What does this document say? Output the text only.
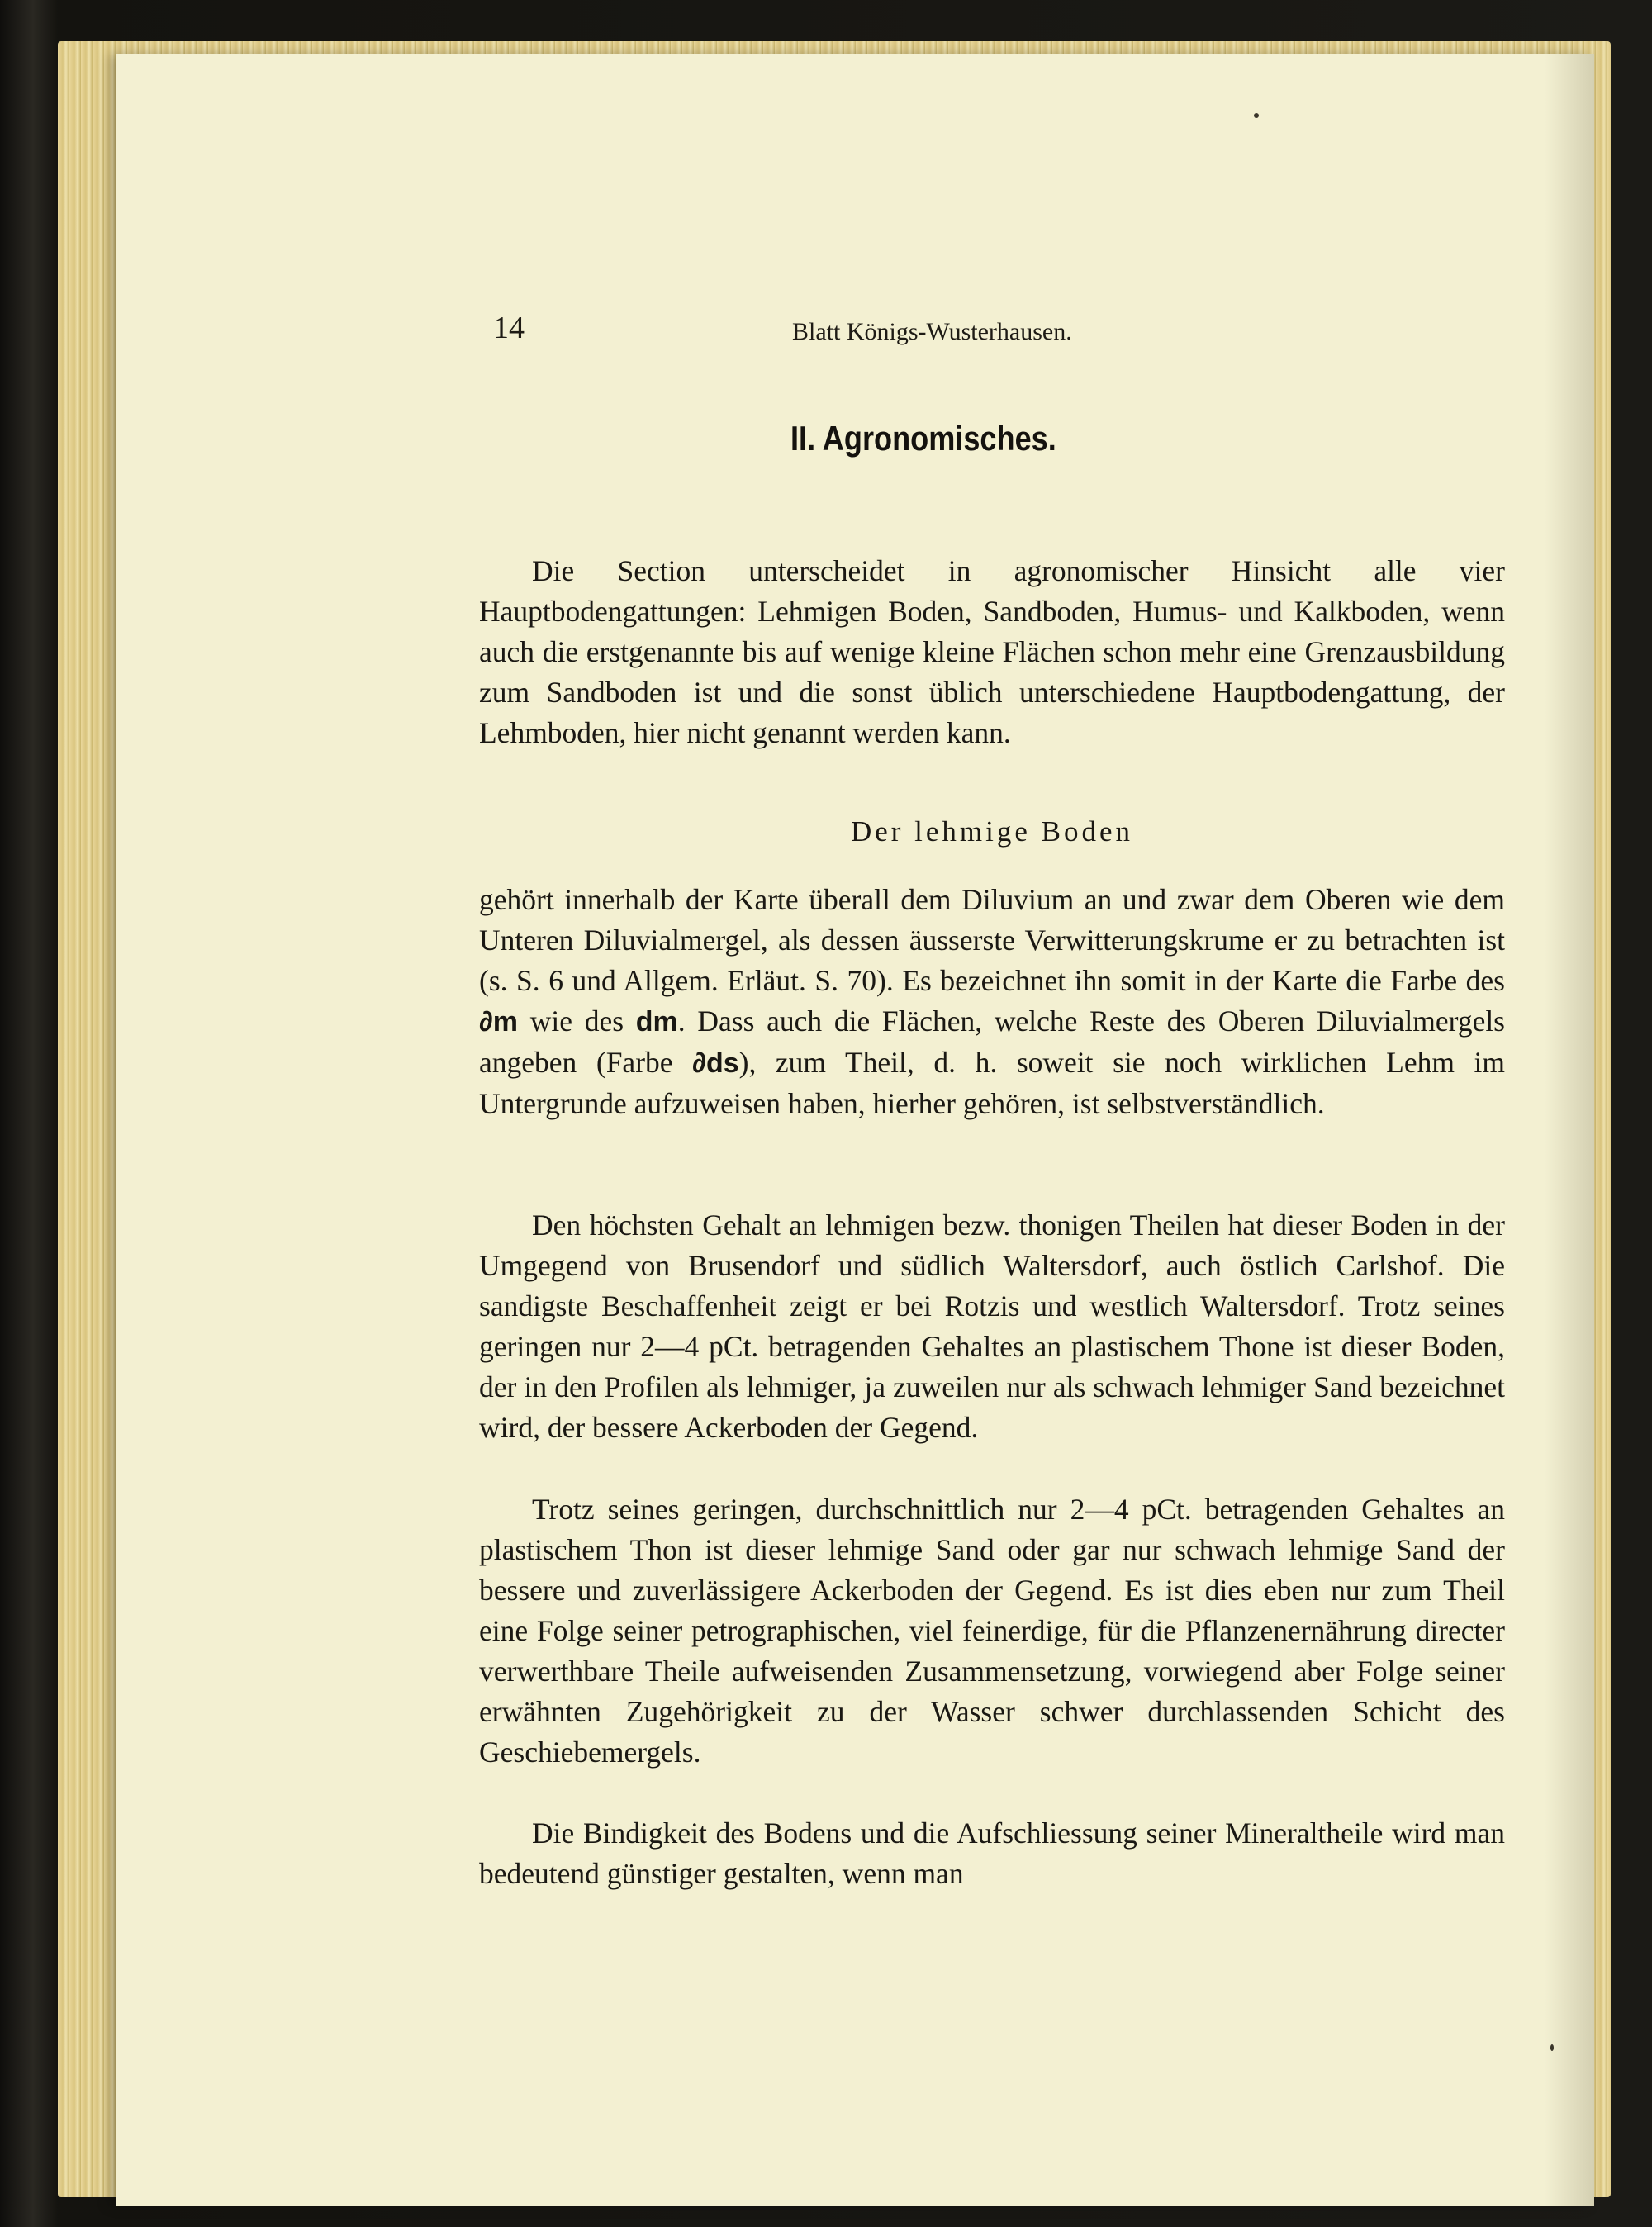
14	Blatt Königs-Wusterhausen.
II. Agronomisches.

Die Section unterscheidet in agronomischer Hinsicht alle vier Hauptbodengattungen: Lehmigen Boden, Sandboden, Humus- und Kalkboden, wenn auch die erstgenannte bis auf wenige kleine Flächen schon mehr eine Grenzausbildung zum Sandboden ist und die sonst üblich unterschiedene Hauptbodengattung, der Lehmboden, hier nicht genannt werden kann.

Der lehmige Boden

gehört innerhalb der Karte überall dem Diluvium an und zwar dem Oberen wie dem Unteren Diluvialmergel, als dessen äusserste Verwitterungskrume er zu betrachten ist (s. S. 6 und Allgem. Erläut. S. 70). Es bezeichnet ihn somit in der Karte die Farbe des ∂m wie des dm. Dass auch die Flächen, welche Reste des Oberen Diluvialmergels angeben (Farbe ∂ds), zum Theil, d. h. soweit sie noch wirklichen Lehm im Untergrunde aufzuweisen haben, hierher gehören, ist selbstverständlich.

Den höchsten Gehalt an lehmigen bezw. thonigen Theilen hat dieser Boden in der Umgegend von Brusendorf und südlich Waltersdorf, auch östlich Carlshof. Die sandigste Beschaffenheit zeigt er bei Rotzis und westlich Waltersdorf. Trotz seines geringen nur 2—4 pCt. betragenden Gehaltes an plastischem Thone ist dieser Boden, der in den Profilen als lehmiger, ja zuweilen nur als schwach lehmiger Sand bezeichnet wird, der bessere Ackerboden der Gegend.

Trotz seines geringen, durchschnittlich nur 2—4 pCt. betragenden Gehaltes an plastischem Thon ist dieser lehmige Sand oder gar nur schwach lehmige Sand der bessere und zuverlässigere Ackerboden der Gegend. Es ist dies eben nur zum Theil eine Folge seiner petrographischen, viel feinerdige, für die Pflanzenernährung directer verwerthbare Theile aufweisenden Zusammensetzung, vorwiegend aber Folge seiner erwähnten Zugehörigkeit zu der Wasser schwer durchlassenden Schicht des Geschiebemergels.

Die Bindigkeit des Bodens und die Aufschliessung seiner Mineraltheile wird man bedeutend günstiger gestalten, wenn man
